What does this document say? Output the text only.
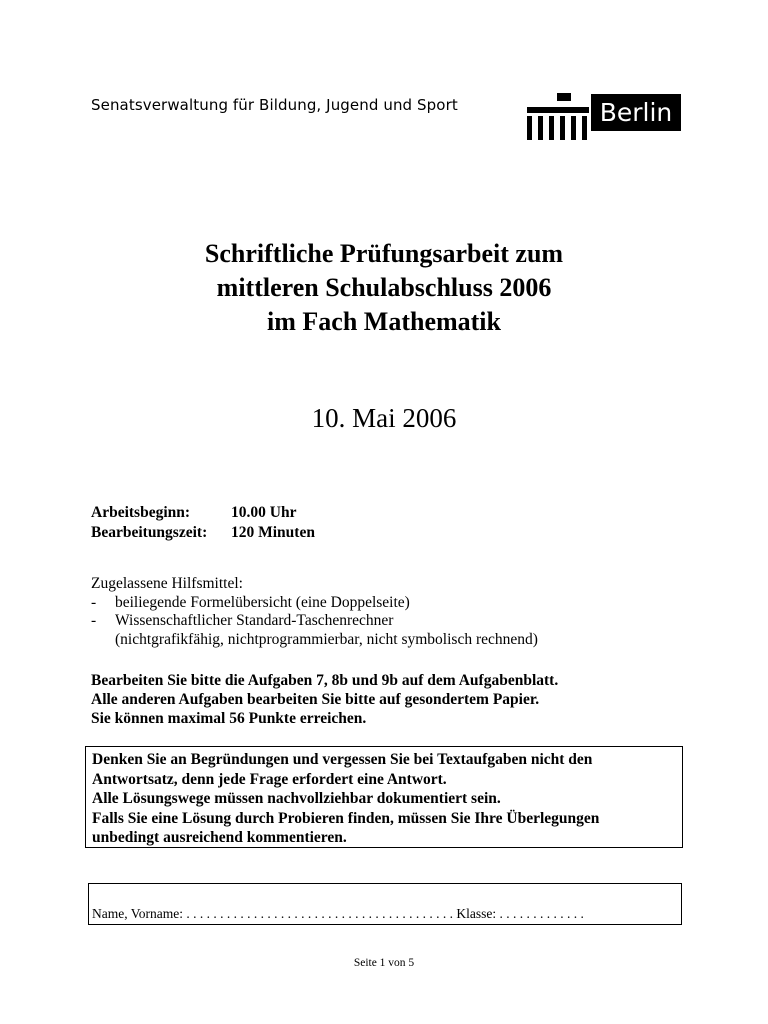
Senatsverwaltung für Bildung, Jugend und Sport	Berlin
Schriftliche Prüfungsarbeit zum
mittleren Schulabschluss 2006
im Fach Mathematik
10. Mai 2006
Arbeitsbeginn:	10.00 Uhr
Bearbeitungszeit:	120 Minuten
Zugelassene Hilfsmittel:
-	beiliegende Formelübersicht (eine Doppelseite)
-	Wissenschaftlicher Standard-Taschenrechner
(nichtgrafikfähig, nichtprogrammierbar, nicht symbolisch rechnend)
Bearbeiten Sie bitte die Aufgaben 7, 8b und 9b auf dem Aufgabenblatt.
Alle anderen Aufgaben bearbeiten Sie bitte auf gesondertem Papier.
Sie können maximal 56 Punkte erreichen.
Denken Sie an Begründungen und vergessen Sie bei Textaufgaben nicht den
Antwortsatz, denn jede Frage erfordert eine Antwort.
Alle Lösungswege müssen nachvollziehbar dokumentiert sein.
Falls Sie eine Lösung durch Probieren finden, müssen Sie Ihre Überlegungen
unbedingt ausreichend kommentieren.
Name, Vorname: . . . . . . . . . . . . . . . . . . . . . . . . . . . . . . . . . . . . . . . . Klasse: . . . . . . . . . . . . .
Seite 1 von 5
